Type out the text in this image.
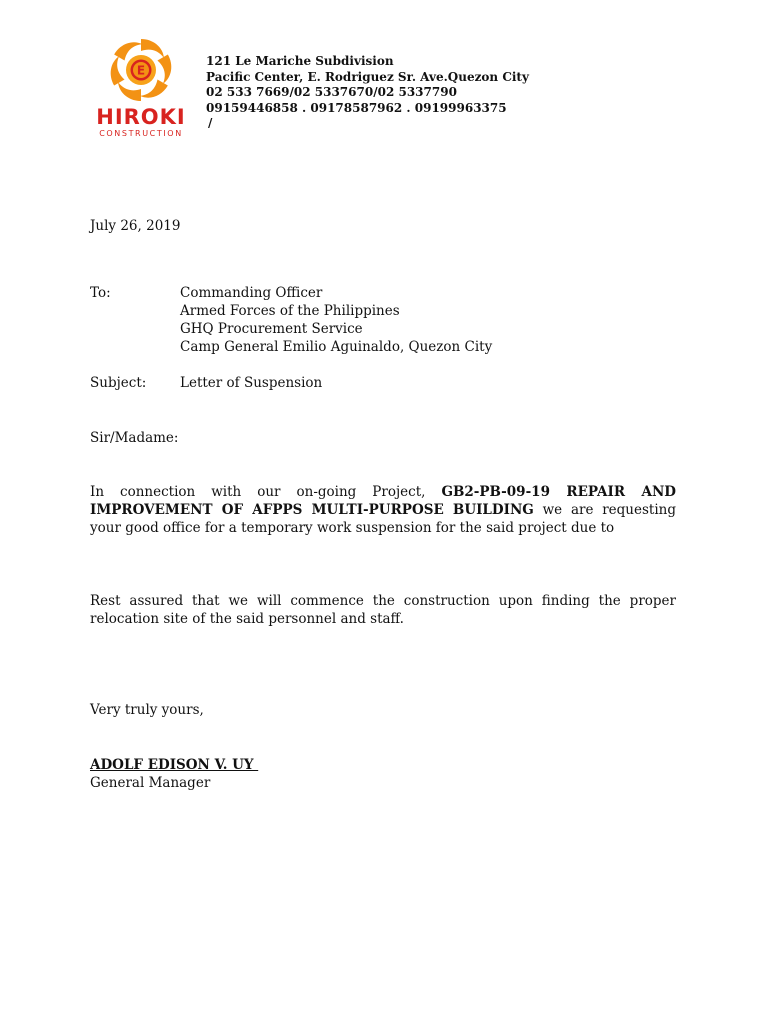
E
HIROKI
CONSTRUCTION
121 Le Mariche Subdivision
Pacific Center, E. Rodriguez Sr. Ave.Quezon City
02 533 7669/02 5337670/02 5337790
09159446858 . 09178587962 . 09199963375
/
July 26, 2019
To:	Commanding Officer
Armed Forces of the Philippines
GHQ Procurement Service
Camp General Emilio Aguinaldo, Quezon City
Subject: Letter of Suspension
Sir/Madame:
In connection with our on-going Project, GB2-PB-09-19 REPAIR AND IMPROVEMENT OF AFPPS MULTI-PURPOSE BUILDING we are requesting your good office for a temporary work suspension for the said project due to
Rest assured that we will commence the construction upon finding the proper relocation site of the said personnel and staff.
Very truly yours,
ADOLF EDISON V. UY
General Manager
